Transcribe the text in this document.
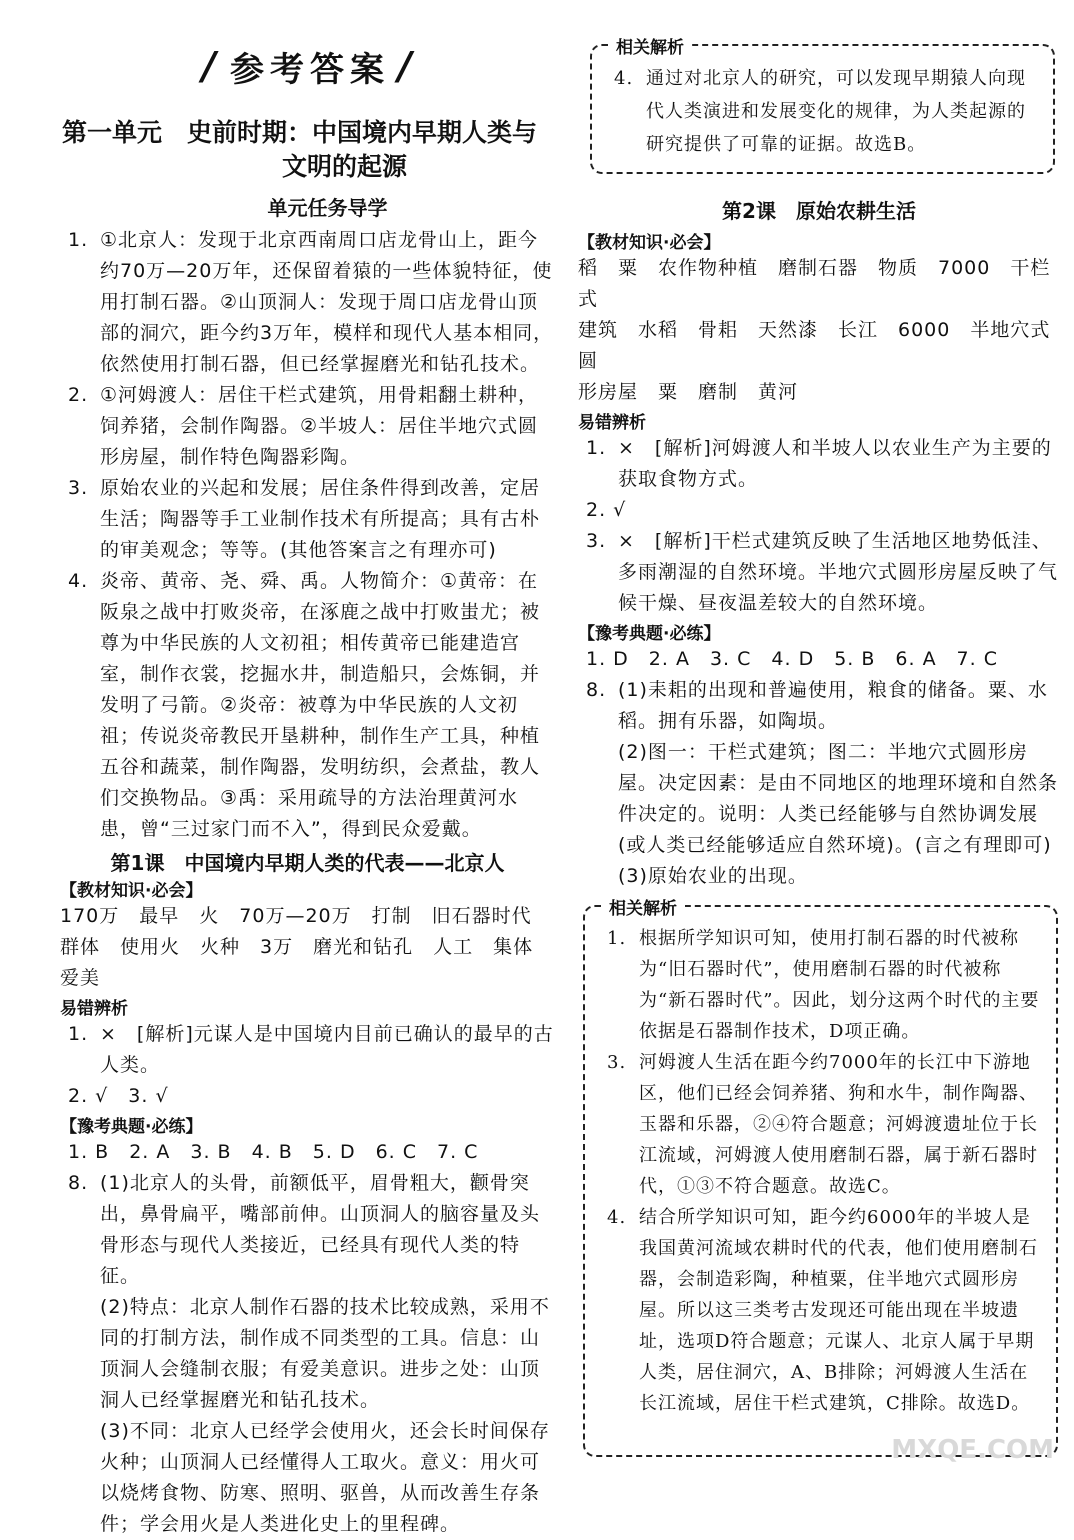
/ 参考答案 /
第一单元　史前时期：中国境内早期人类与
文明的起源
单元任务导学
1. ①北京人：发现于北京西南周口店龙骨山上，距今约70万—20万年，还保留着猿的一些体貌特征，使用打制石器。②山顶洞人：发现于周口店龙骨山顶部的洞穴，距今约3万年，模样和现代人基本相同，依然使用打制石器，但已经掌握磨光和钻孔技术。
2. ①河姆渡人：居住干栏式建筑，用骨耜翻土耕种，饲养猪，会制作陶器。②半坡人：居住半地穴式圆形房屋，制作特色陶器彩陶。
3. 原始农业的兴起和发展；居住条件得到改善，定居生活；陶器等手工业制作技术有所提高；具有古朴的审美观念；等等。(其他答案言之有理亦可)
4. 炎帝、黄帝、尧、舜、禹。人物简介：①黄帝：在阪泉之战中打败炎帝，在涿鹿之战中打败蚩尤；被尊为中华民族的人文初祖；相传黄帝已能建造宫室，制作衣裳，挖掘水井，制造船只，会炼铜，并发明了弓箭。②炎帝：被尊为中华民族的人文初祖；传说炎帝教民开垦耕种，制作生产工具，种植五谷和蔬菜，制作陶器，发明纺织，会煮盐，教人们交换物品。③禹：采用疏导的方法治理黄河水患，曾“三过家门而不入”，得到民众爱戴。
第1课　中国境内早期人类的代表——北京人
【教材知识·必会】
170万　最早　火　70万—20万　打制　旧石器时代
群体　使用火　火种　3万　磨光和钻孔　人工　集体
爱美
易错辨析
1. ×　[解析]元谋人是中国境内目前已确认的最早的古人类。
2. √　3. √
【豫考典题·必练】
1. B　2. A　3. B　4. B　5. D　6. C　7. C
8. (1)北京人的头骨，前额低平，眉骨粗大，颧骨突出，鼻骨扁平，嘴部前伸。山顶洞人的脑容量及头骨形态与现代人类接近，已经具有现代人类的特征。
(2)特点：北京人制作石器的技术比较成熟，采用不同的打制方法，制作成不同类型的工具。信息：山顶洞人会缝制衣服；有爱美意识。进步之处：山顶洞人已经掌握磨光和钻孔技术。
(3)不同：北京人已经学会使用火，还会长时间保存火种；山顶洞人已经懂得人工取火。意义：用火可以烧烤食物、防寒、照明、驱兽，从而改善生存条件；学会用火是人类进化史上的里程碑。
相关解析
4. 通过对北京人的研究，可以发现早期猿人向现代人类演进和发展变化的规律，为人类起源的研究提供了可靠的证据。故选B。
第2课　原始农耕生活
【教材知识·必会】
稻　粟　农作物种植　磨制石器　物质　7000　干栏式
建筑　水稻　骨耜　天然漆　长江　6000　半地穴式圆
形房屋　粟　磨制　黄河
易错辨析
1. ×　[解析]河姆渡人和半坡人以农业生产为主要的获取食物方式。
2. √
3. ×　[解析]干栏式建筑反映了生活地区地势低洼、多雨潮湿的自然环境。半地穴式圆形房屋反映了气候干燥、昼夜温差较大的自然环境。
【豫考典题·必练】
1. D　2. A　3. C　4. D　5. B　6. A　7. C
8. (1)耒耜的出现和普遍使用，粮食的储备。粟、水稻。拥有乐器，如陶埙。
(2)图一：干栏式建筑；图二：半地穴式圆形房屋。决定因素：是由不同地区的地理环境和自然条件决定的。说明：人类已经能够与自然协调发展(或人类已经能够适应自然环境)。(言之有理即可)
(3)原始农业的出现。
相关解析
1. 根据所学知识可知，使用打制石器的时代被称为“旧石器时代”，使用磨制石器的时代被称为“新石器时代”。因此，划分这两个时代的主要依据是石器制作技术，D项正确。
3. 河姆渡人生活在距今约7000年的长江中下游地区，他们已经会饲养猪、狗和水牛，制作陶器、玉器和乐器，②④符合题意；河姆渡遗址位于长江流域，河姆渡人使用磨制石器，属于新石器时代，①③不符合题意。故选C。
4. 结合所学知识可知，距今约6000年的半坡人是我国黄河流域农耕时代的代表，他们使用磨制石器，会制造彩陶，种植粟，住半地穴式圆形房屋。所以这三类考古发现还可能出现在半坡遗址，选项D符合题意；元谋人、北京人属于早期人类，居住洞穴，A、B排除；河姆渡人生活在长江流域，居住干栏式建筑，C排除。故选D。
MXQE.COM
